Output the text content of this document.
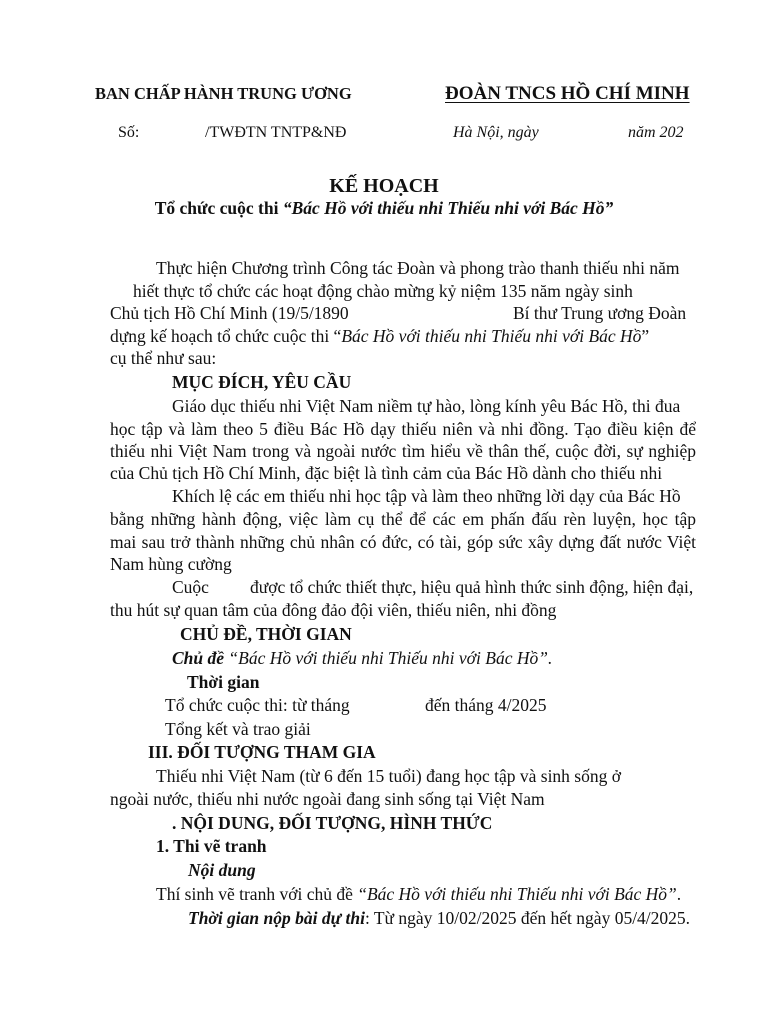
BAN CHẤP HÀNH TRUNG ƯƠNG	ĐOÀN TNCS HỒ CHÍ MINH
Số:	/TWĐTN TNTP&NĐ	Hà Nội, ngày	năm 202
KẾ HOẠCH
Tổ chức cuộc thi “Bác Hồ với thiếu nhi Thiếu nhi với Bác Hồ”
Thực hiện Chương trình Công tác Đoàn và phong trào thanh thiếu nhi năm
hiết thực tổ chức các hoạt động chào mừng kỷ niệm 135 năm ngày sinh
Chủ tịch Hồ Chí Minh (19/5/1890	Bí thư Trung ương Đoàn
dựng kế hoạch tổ chức cuộc thi “Bác Hồ với thiếu nhi Thiếu nhi với Bác Hồ”
cụ thể như sau:
MỤC ĐÍCH, YÊU CẦU
Giáo dục thiếu nhi Việt Nam niềm tự hào, lòng kính yêu Bác Hồ, thi đua
học tập và làm theo 5 điều Bác Hồ dạy thiếu niên và nhi đồng. Tạo điều kiện để
thiếu nhi Việt Nam trong và ngoài nước tìm hiểu về thân thế, cuộc đời, sự nghiệp
của Chủ tịch Hồ Chí Minh, đặc biệt là tình cảm của Bác Hồ dành cho thiếu nhi
Khích lệ các em thiếu nhi học tập và làm theo những lời dạy của Bác Hồ
bằng những hành động, việc làm cụ thể để các em phấn đấu rèn luyện, học tập
mai sau trở thành những chủ nhân có đức, có tài, góp sức xây dựng đất nước Việt
Nam hùng cường
Cuộc được tổ chức thiết thực, hiệu quả hình thức sinh động, hiện đại,
thu hút sự quan tâm của đông đảo đội viên, thiếu niên, nhi đồng
CHỦ ĐỀ, THỜI GIAN
Chủ đề “Bác Hồ với thiếu nhi Thiếu nhi với Bác Hồ”.
Thời gian
Tổ chức cuộc thi: từ tháng	đến tháng 4/2025
Tổng kết và trao giải
III. ĐỐI TƯỢNG THAM GIA
Thiếu nhi Việt Nam (từ 6 đến 15 tuổi) đang học tập và sinh sống ở
ngoài nước, thiếu nhi nước ngoài đang sinh sống tại Việt Nam
. NỘI DUNG, ĐỐI TƯỢNG, HÌNH THỨC
1. Thi vẽ tranh
Nội dung
Thí sinh vẽ tranh với chủ đề “Bác Hồ với thiếu nhi Thiếu nhi với Bác Hồ”.
Thời gian nộp bài dự thi: Từ ngày 10/02/2025 đến hết ngày 05/4/2025.
